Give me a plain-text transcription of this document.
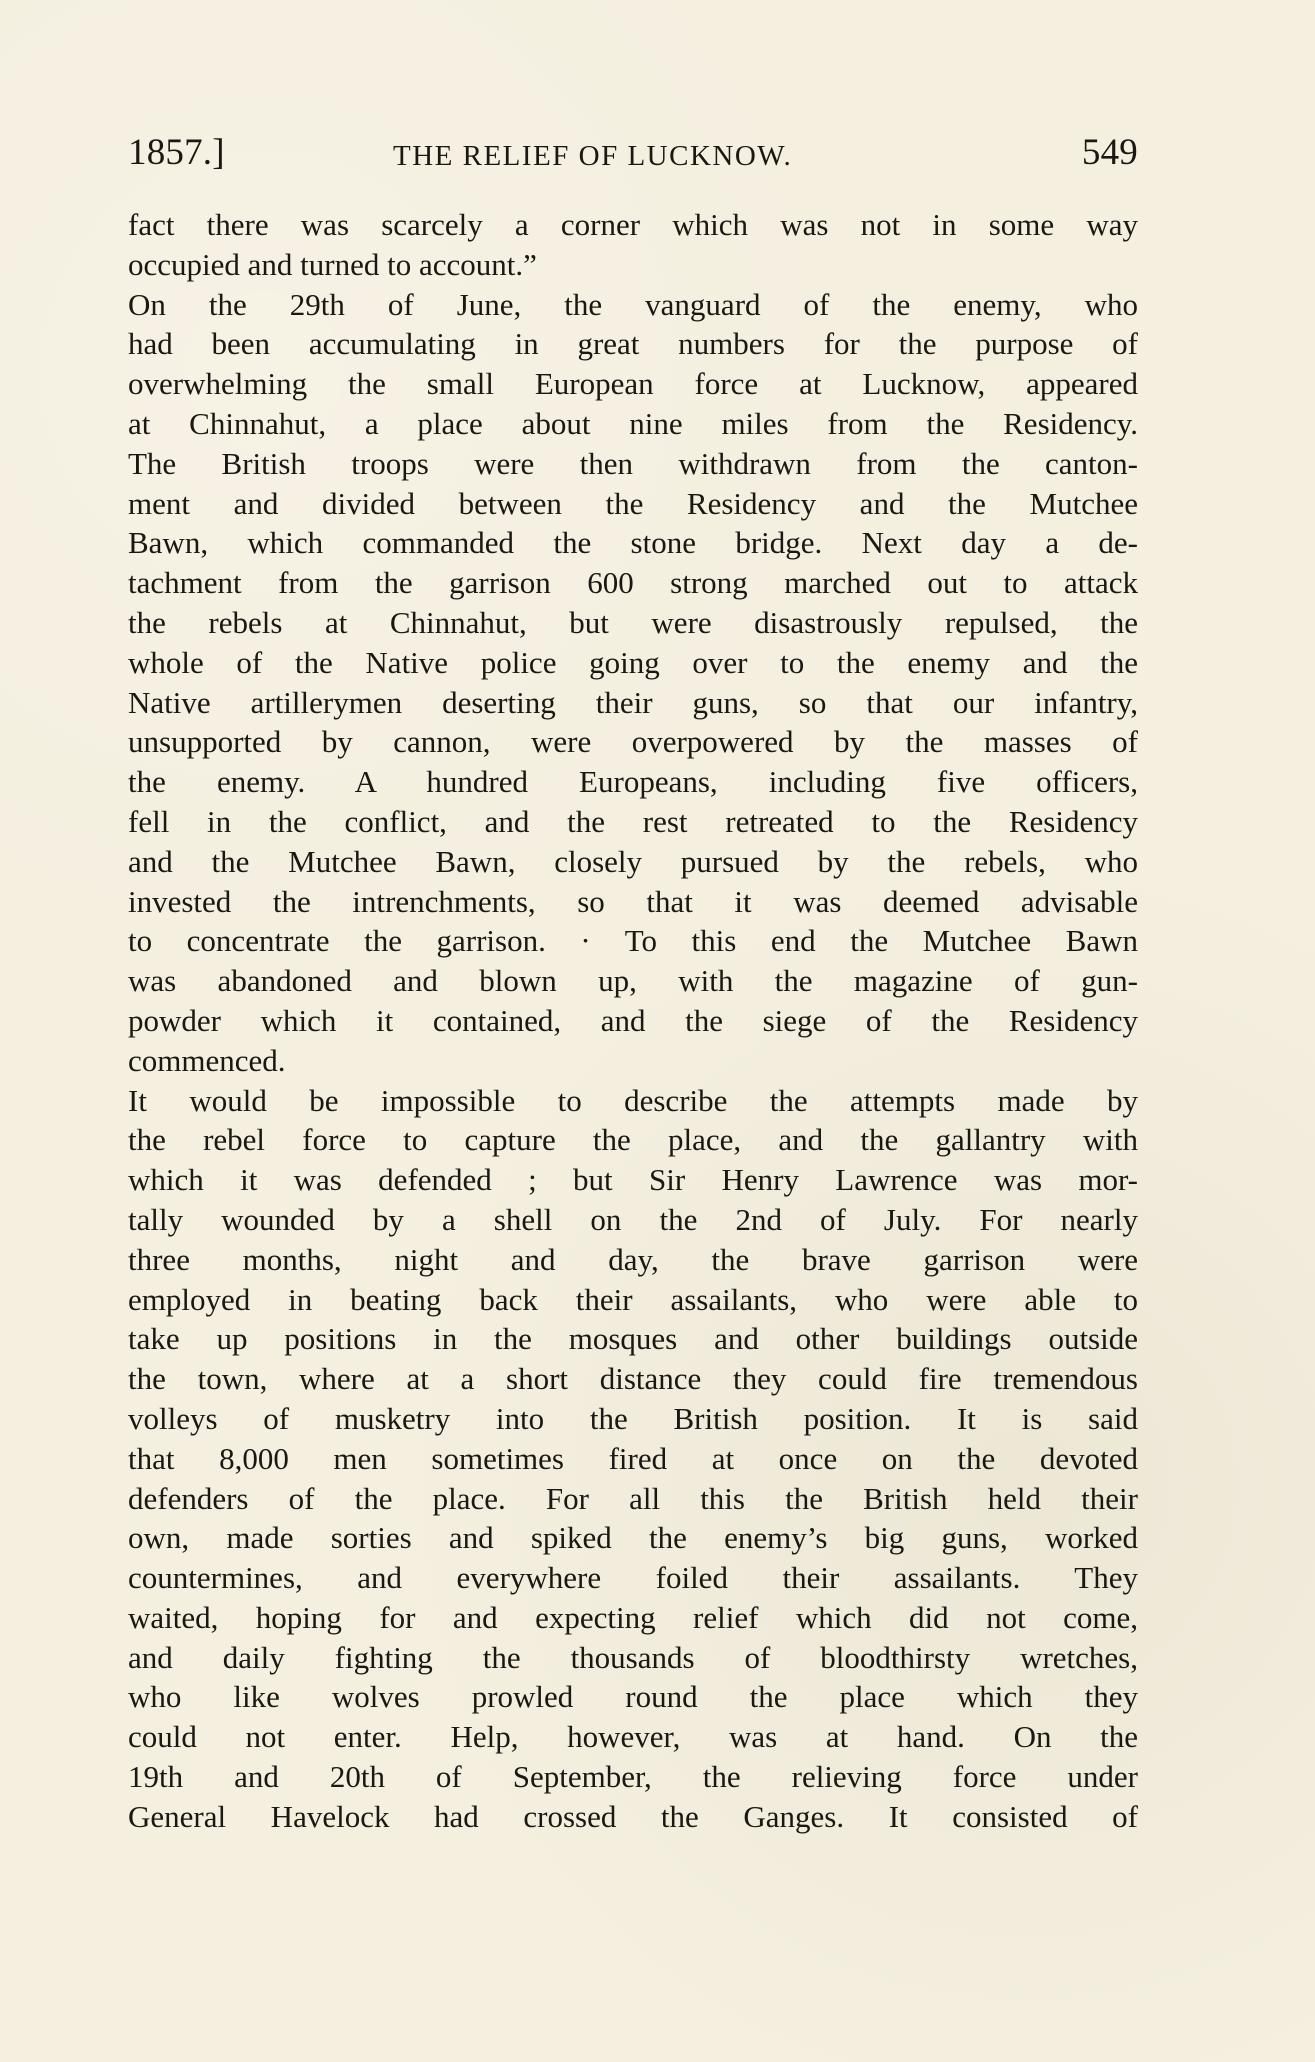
1857.]	THE RELIEF OF LUCKNOW.	549
fact there was scarcely a corner which was not in some way
occupied and turned to account.”
On the 29th of June, the vanguard of the enemy, who
had been accumulating in great numbers for the purpose of
overwhelming the small European force at Lucknow, appeared
at Chinnahut, a place about nine miles from the Residency.
The British troops were then withdrawn from the canton-
ment and divided between the Residency and the Mutchee
Bawn, which commanded the stone bridge. Next day a de-
tachment from the garrison 600 strong marched out to attack
the rebels at Chinnahut, but were disastrously repulsed, the
whole of the Native police going over to the enemy and the
Native artillerymen deserting their guns, so that our infantry,
unsupported by cannon, were overpowered by the masses of
the enemy. A hundred Europeans, including five officers,
fell in the conflict, and the rest retreated to the Residency
and the Mutchee Bawn, closely pursued by the rebels, who
invested the intrenchments, so that it was deemed advisable
to concentrate the garrison. · To this end the Mutchee Bawn
was abandoned and blown up, with the magazine of gun-
powder which it contained, and the siege of the Residency
commenced.
It would be impossible to describe the attempts made by
the rebel force to capture the place, and the gallantry with
which it was defended ; but Sir Henry Lawrence was mor-
tally wounded by a shell on the 2nd of July. For nearly
three months, night and day, the brave garrison were
employed in beating back their assailants, who were able to
take up positions in the mosques and other buildings outside
the town, where at a short distance they could fire tremendous
volleys of musketry into the British position. It is said
that 8,000 men sometimes fired at once on the devoted
defenders of the place. For all this the British held their
own, made sorties and spiked the enemy’s big guns, worked
countermines, and everywhere foiled their assailants. They
waited, hoping for and expecting relief which did not come,
and daily fighting the thousands of bloodthirsty wretches,
who like wolves prowled round the place which they
could not enter. Help, however, was at hand. On the
19th and 20th of September, the relieving force under
General Havelock had crossed the Ganges. It consisted of
